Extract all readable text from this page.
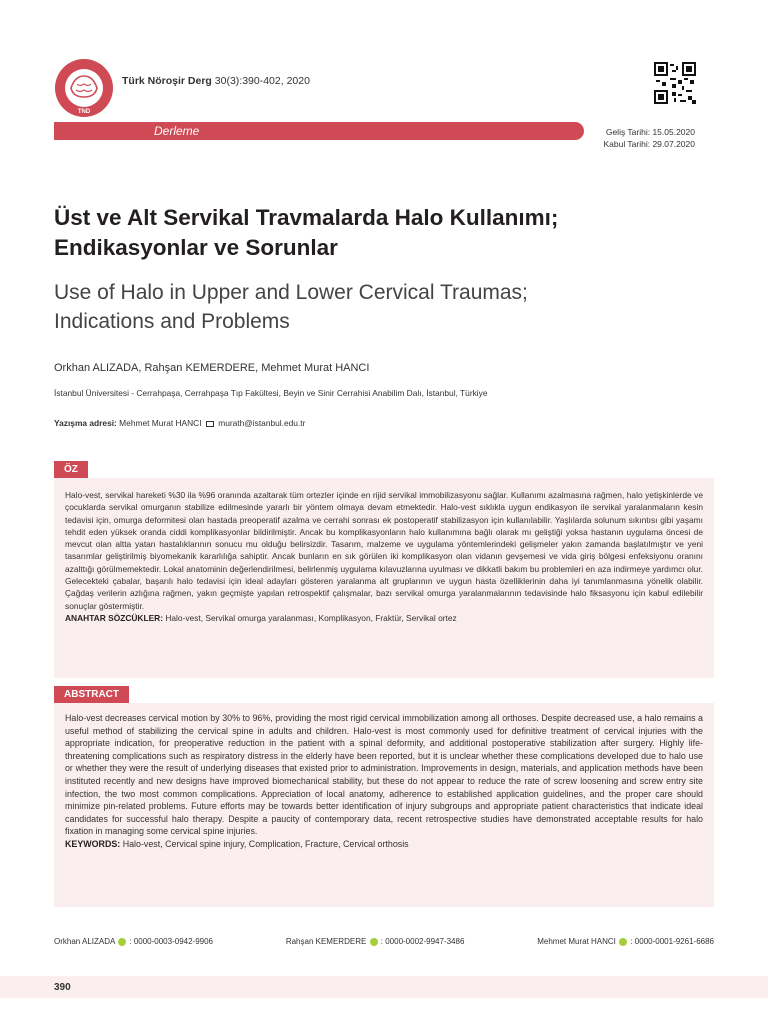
TND
Türk Nöroşir Derg 30(3):390-402, 2020
Derleme	Geliş Tarihi: 15.05.2020
Kabul Tarihi: 29.07.2020
Üst ve Alt Servikal Travmalarda Halo Kullanımı;
Endikasyonlar ve Sorunlar
Use of Halo in Upper and Lower Cervical Traumas;
Indications and Problems
Orkhan ALIZADA, Rahşan KEMERDERE, Mehmet Murat HANCI
İstanbul Üniversitesi - Cerrahpaşa, Cerrahpaşa Tıp Fakültesi, Beyin ve Sinir Cerrahisi Anabilim Dalı, İstanbul, Türkiye
Yazışma adresi: Mehmet Murat HANCI  murath@istanbul.edu.tr
ÖZ
Halo-vest, servikal hareketi %30 ila %96 oranında azaltarak tüm ortezler içinde en rijid servikal immobilizasyonu sağlar. Kullanımı azalmasına rağmen, halo yetişkinlerde ve çocuklarda servikal omurganın stabilize edilmesinde yararlı bir yöntem olmaya devam etmektedir. Halo-vest sıklıkla uygun endikasyon ile servikal yaralanmaların kesin tedavisi için, omurga deformitesi olan hastada preoperatif azalma ve cerrahi sonrası ek postoperatif stabilizasyon için kullanılabilir. Yaşlılarda solunum sıkıntısı gibi yaşamı tehdit eden yüksek oranda ciddi komplikasyonlar bildirilmiştir. Ancak bu komplikasyonların halo kullanımına bağlı olarak mı geliştiği yoksa hastanın uygulama öncesi de mevcut olan altta yatan hastalıklarının sonucu mu olduğu belirsizdir. Tasarım, malzeme ve uygulama yöntemlerindeki gelişmeler yakın zamanda başlatılmıştır ve yeni tasarımlar geliştirilmiş biyomekanik kararlılığa sahiptir. Ancak bunların en sık görülen iki komplikasyon olan vidanın gevşemesi ve vida giriş bölgesi enfeksiyonu oranını azalttığı görülmemektedir. Lokal anatominin değerlendirilmesi, belirlenmiş uygulama kılavuzlarına uyulması ve dikkatli bakım bu problemleri en aza indirmeye yardımcı olur. Gelecekteki çabalar, başarılı halo tedavisi için ideal adayları gösteren yaralanma alt gruplarının ve uygun hasta özelliklerinin daha iyi tanımlanmasına yönelik olabilir. Çağdaş verilerin azlığına rağmen, yakın geçmişte yapılan retrospektif çalışmalar, bazı servikal omurga yaralanmalarının tedavisinde halo fiksasyonu için kabul edilebilir sonuçlar göstermiştir.
ANAHTAR SÖZCÜKLER: Halo-vest, Servikal omurga yaralanması, Komplikasyon, Fraktür, Servikal ortez
ABSTRACT
Halo-vest decreases cervical motion by 30% to 96%, providing the most rigid cervical immobilization among all orthoses. Despite decreased use, a halo remains a useful method of stabilizing the cervical spine in adults and children. Halo-vest is most commonly used for definitive treatment of cervical injuries with the appropriate indication, for preoperative reduction in the patient with a spinal deformity, and additional postoperative stabilization after surgery. Highly life-threatening complications such as respiratory distress in the elderly have been reported, but it is unclear whether these complications developed due to halo use or whether they were the result of underlying diseases that existed prior to administration. Improvements in design, materials, and application methods have been instituted recently and new designs have improved biomechanical stability, but these do not appear to reduce the rate of screw loosening and screw entry site infection, the two most common complications. Appreciation of local anatomy, adherence to established application guidelines, and the proper care should minimize pin-related problems. Future efforts may be towards better identification of injury subgroups and appropriate patient characteristics that indicate ideal candidates for successful halo therapy. Despite a paucity of contemporary data, recent retrospective studies have demonstrated acceptable results for halo fixation in managing some cervical spine injuries.
KEYWORDS: Halo-vest, Cervical spine injury, Complication, Fracture, Cervical orthosis
Orkhan ALIZADA  : 0000-0003-0942-9906	Rahşan KEMERDERE  : 0000-0002-9947-3486	Mehmet Murat HANCI  : 0000-0001-9261-6686
390
